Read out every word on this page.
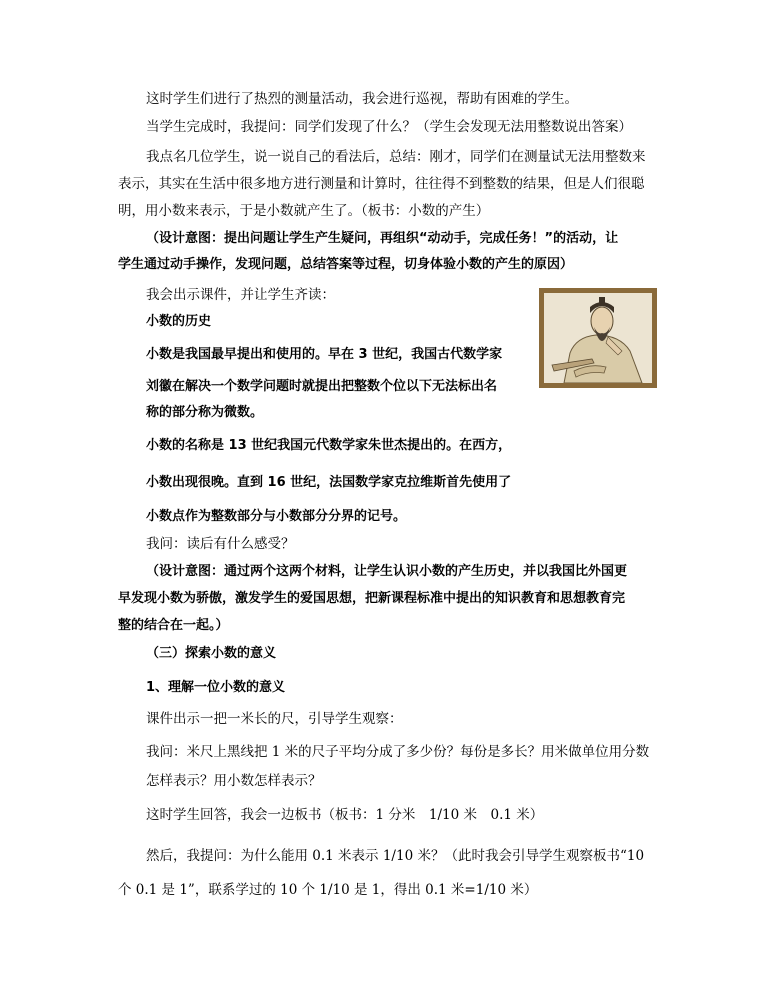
这时学生们进行了热烈的测量活动，我会进行巡视，帮助有困难的学生。
当学生完成时，我提问：同学们发现了什么？（学生会发现无法用整数说出答案）
我点名几位学生，说一说自己的看法后，总结：刚才，同学们在测量试无法用整数来
表示，其实在生活中很多地方进行测量和计算时，往往得不到整数的结果，但是人们很聪
明，用小数来表示，于是小数就产生了。（板书：小数的产生）
（设计意图：提出问题让学生产生疑问，再组织“动动手，完成任务！”的活动，让
学生通过动手操作，发现问题，总结答案等过程，切身体验小数的产生的原因）
我会出示课件，并让学生齐读：
小数的历史
小数是我国最早提出和使用的。早在 3 世纪，我国古代数学家
刘徽在解决一个数学问题时就提出把整数个位以下无法标出名
称的部分称为微数。
小数的名称是 13 世纪我国元代数学家朱世杰提出的。在西方，
小数出现很晚。直到 16 世纪，法国数学家克拉维斯首先使用了
小数点作为整数部分与小数部分分界的记号。
我问：读后有什么感受？
（设计意图：通过两个这两个材料，让学生认识小数的产生历史，并以我国比外国更
早发现小数为骄傲，激发学生的爱国思想，把新课程标准中提出的知识教育和思想教育完
整的结合在一起。）
（三）探索小数的意义
1、理解一位小数的意义
课件出示一把一米长的尺，引导学生观察：
我问：米尺上黑线把 1 米的尺子平均分成了多少份？每份是多长？用米做单位用分数
怎样表示？用小数怎样表示？
这时学生回答，我会一边板书（板书：1 分米　1/10 米　0.1 米）
然后，我提问：为什么能用 0.1 米表示 1/10 米？（此时我会引导学生观察板书“10
个 0.1 是 1”，联系学过的 10 个 1/10 是 1，得出 0.1 米=1/10 米）
